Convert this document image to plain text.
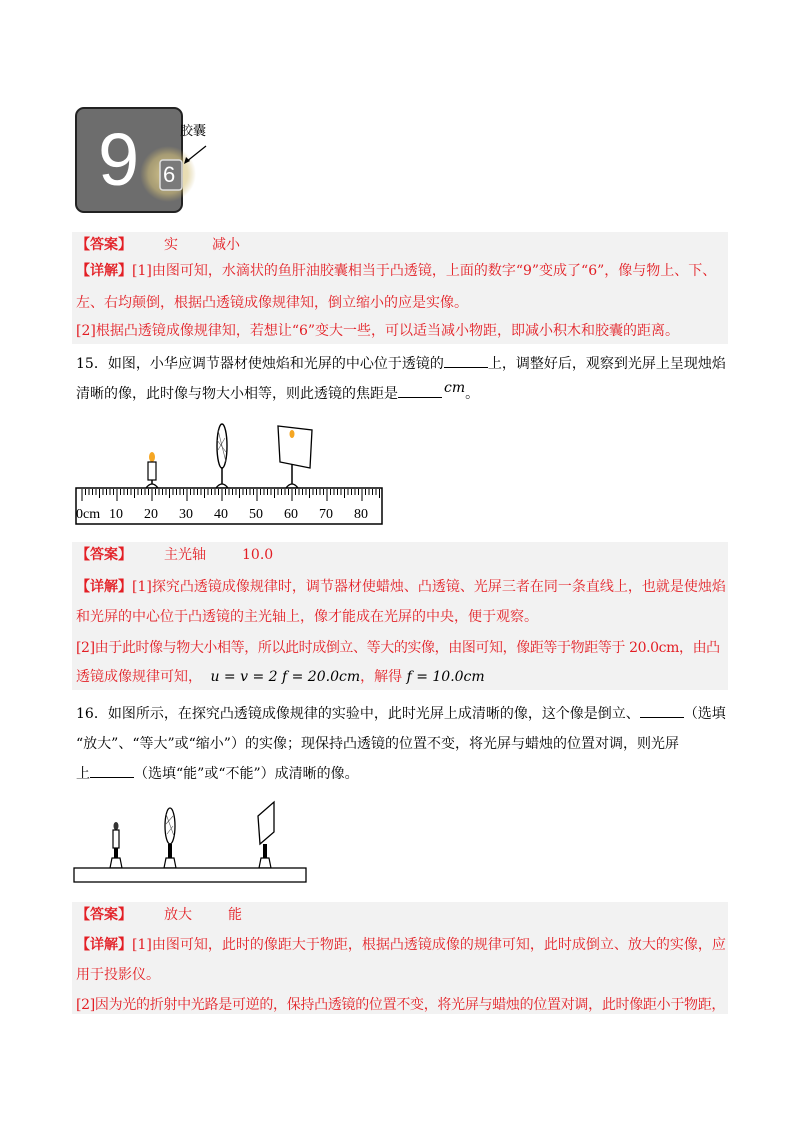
9 6
胶囊
【答案】 实 减小
【详解】[1]由图可知，水滴状的鱼肝油胶囊相当于凸透镜，上面的数字“9”变成了“6”，像与物上、下、
左、右均颠倒，根据凸透镜成像规律知，倒立缩小的应是实像。
[2]根据凸透镜成像规律知，若想让“6”变大一些，可以适当减小物距，即减小积木和胶囊的距离。
15．如图，小华应调节器材使烛焰和光屏的中心位于透镜的	上，调整好后，观察到光屏上呈现烛焰
清晰的像，此时像与物大小相等，则此透镜的焦距是	cm。
0cm 10 20 30 40 50 60 70 80
【答案】 主光轴	10.0
【详解】[1]探究凸透镜成像规律时，调节器材使蜡烛、凸透镜、光屏三者在同一条直线上，也就是使烛焰
和光屏的中心位于凸透镜的主光轴上，像才能成在光屏的中央，便于观察。
[2]由于此时像与物大小相等，所以此时成倒立、等大的实像，由图可知，像距等于物距等于 20.0cm，由凸
透镜成像规律可知， u = v = 2 f = 20.0cm，解得 f = 10.0cm
16．如图所示，在探究凸透镜成像规律的实验中，此时光屏上成清晰的像，这个像是倒立、	（选填
“放大”、“等大”或“缩小”）的实像；现保持凸透镜的位置不变，将光屏与蜡烛的位置对调，则光屏
上	（选填“能”或“不能”）成清晰的像。
【答案】 放大	能
【详解】[1]由图可知，此时的像距大于物距，根据凸透镜成像的规律可知，此时成倒立、放大的实像，应
用于投影仪。
[2]因为光的折射中光路是可逆的，保持凸透镜的位置不变，将光屏与蜡烛的位置对调，此时像距小于物距，
